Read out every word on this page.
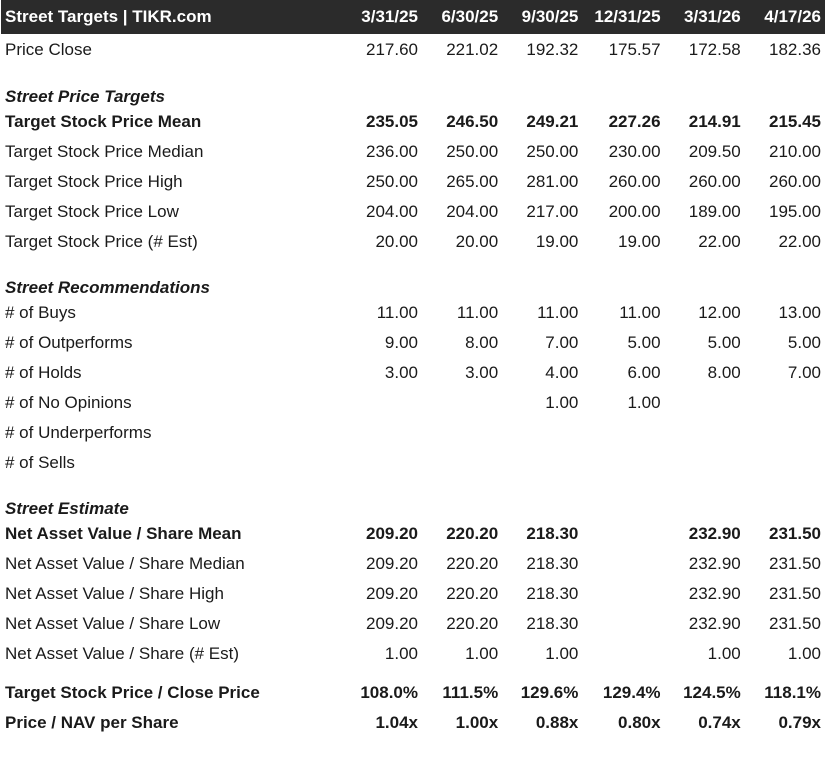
Street Targets | TIKR.com	3/31/25	6/30/25	9/30/25	12/31/25	3/31/26	4/17/26
Price Close	217.60	221.02	192.32	175.57	172.58	182.36
Street Price Targets						
Target Stock Price Mean	235.05	246.50	249.21	227.26	214.91	215.45
Target Stock Price Median	236.00	250.00	250.00	230.00	209.50	210.00
Target Stock Price High	250.00	265.00	281.00	260.00	260.00	260.00
Target Stock Price Low	204.00	204.00	217.00	200.00	189.00	195.00
Target Stock Price (# Est)	20.00	20.00	19.00	19.00	22.00	22.00
Street Recommendations						
# of Buys	11.00	11.00	11.00	11.00	12.00	13.00
# of Outperforms	9.00	8.00	7.00	5.00	5.00	5.00
# of Holds	3.00	3.00	4.00	6.00	8.00	7.00
# of No Opinions			1.00	1.00		
# of Underperforms						
# of Sells						
Street Estimate						
Net Asset Value / Share Mean	209.20	220.20	218.30		232.90	231.50
Net Asset Value / Share Median	209.20	220.20	218.30		232.90	231.50
Net Asset Value / Share High	209.20	220.20	218.30		232.90	231.50
Net Asset Value / Share Low	209.20	220.20	218.30		232.90	231.50
Net Asset Value / Share (# Est)	1.00	1.00	1.00		1.00	1.00

Target Stock Price / Close Price	108.0%	111.5%	129.6%	129.4%	124.5%	118.1%
Price / NAV per Share	1.04x	1.00x	0.88x	0.80x	0.74x	0.79x
